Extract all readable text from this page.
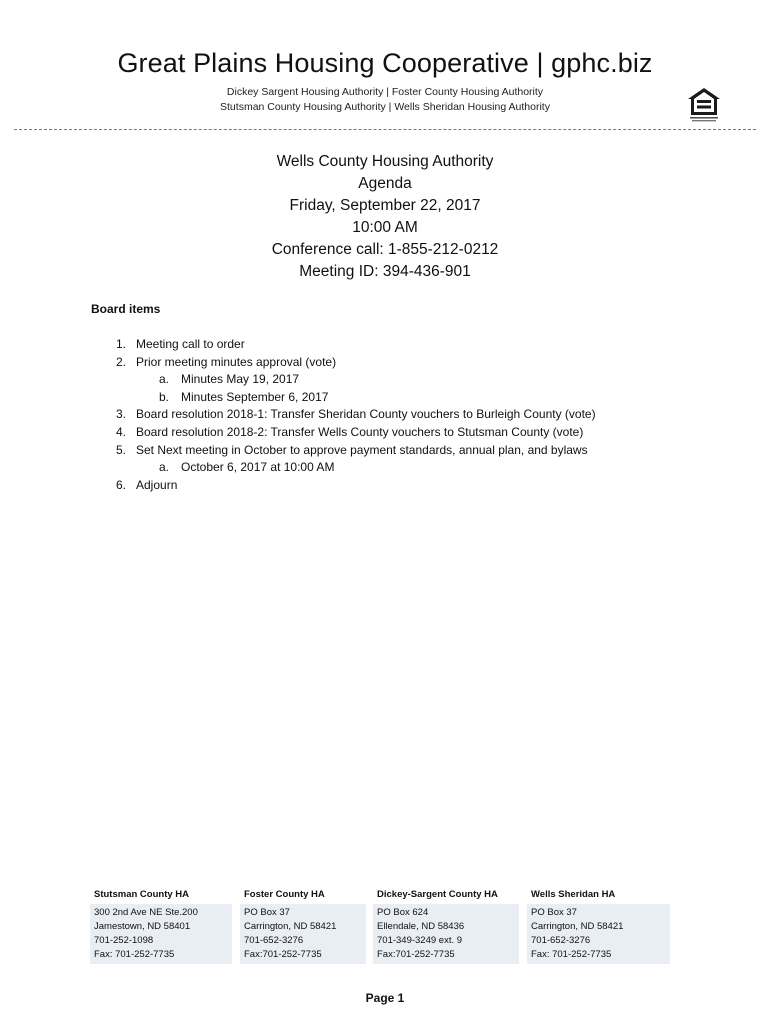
Great Plains Housing Cooperative | gphc.biz
Dickey Sargent Housing Authority | Foster County Housing Authority
Stutsman County Housing Authority | Wells Sheridan Housing Authority
Wells County Housing Authority
Agenda
Friday, September 22, 2017
10:00 AM
Conference call: 1-855-212-0212
Meeting ID: 394-436-901
Board items
1. Meeting call to order
2. Prior meeting minutes approval (vote)
a. Minutes May 19, 2017
b. Minutes September 6, 2017
3. Board resolution 2018-1: Transfer Sheridan County vouchers to Burleigh County (vote)
4. Board resolution 2018-2: Transfer Wells County vouchers to Stutsman County (vote)
5. Set Next meeting in October to approve payment standards, annual plan, and bylaws
a. October 6, 2017 at 10:00 AM
6. Adjourn
Stutsman County HA
300 2nd Ave NE Ste.200
Jamestown, ND 58401
701-252-1098
Fax: 701-252-7735
Foster County HA
PO Box 37
Carrington, ND 58421
701-652-3276
Fax:701-252-7735
Dickey-Sargent County HA
PO Box 624
Ellendale, ND 58436
701-349-3249 ext. 9
Fax:701-252-7735
Wells Sheridan HA
PO Box 37
Carrington, ND 58421
701-652-3276
Fax: 701-252-7735
Page 1
